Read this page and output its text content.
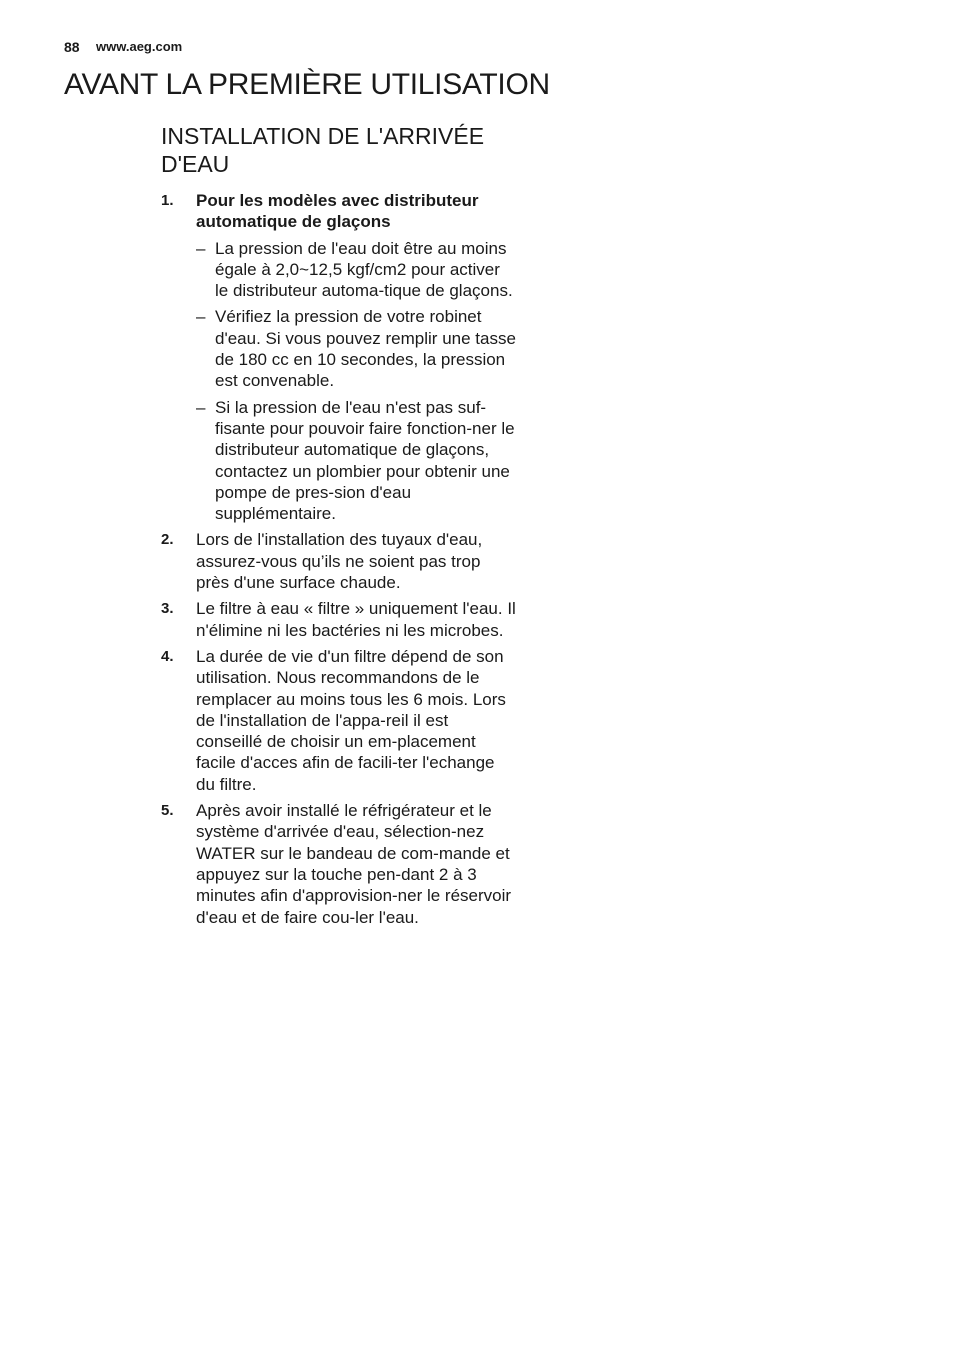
88 www.aeg.com
AVANT LA PREMIÈRE UTILISATION
INSTALLATION DE L'ARRIVÉE D'EAU
1. Pour les modèles avec distributeur automatique de glaçons
– La pression de l'eau doit être au moins égale à 2,0~12,5 kgf/cm2 pour activer le distributeur automa-tique de glaçons.
– Vérifiez la pression de votre robinet d'eau. Si vous pouvez remplir une tasse de 180 cc en 10 secondes, la pression est convenable.
– Si la pression de l'eau n'est pas suf-fisante pour pouvoir faire fonction-ner le distributeur automatique de glaçons, contactez un plombier pour obtenir une pompe de pres-sion d'eau supplémentaire.
2. Lors de l'installation des tuyaux d'eau, assurez-vous qu’ils ne soient pas trop près d'une surface chaude.
3. Le filtre à eau « filtre » uniquement l'eau. Il n'élimine ni les bactéries ni les microbes.
4. La durée de vie d'un filtre dépend de son utilisation. Nous recommandons de le remplacer au moins tous les 6 mois. Lors de l'installation de l'appa-reil il est conseillé de choisir un em-placement facile d'acces afin de facili-ter l'echange du filtre.
5. Après avoir installé le réfrigérateur et le système d'arrivée d'eau, sélection-nez WATER sur le bandeau de com-mande et appuyez sur la touche pen-dant 2 à 3 minutes afin d'approvision-ner le réservoir d'eau et de faire cou-ler l'eau.
